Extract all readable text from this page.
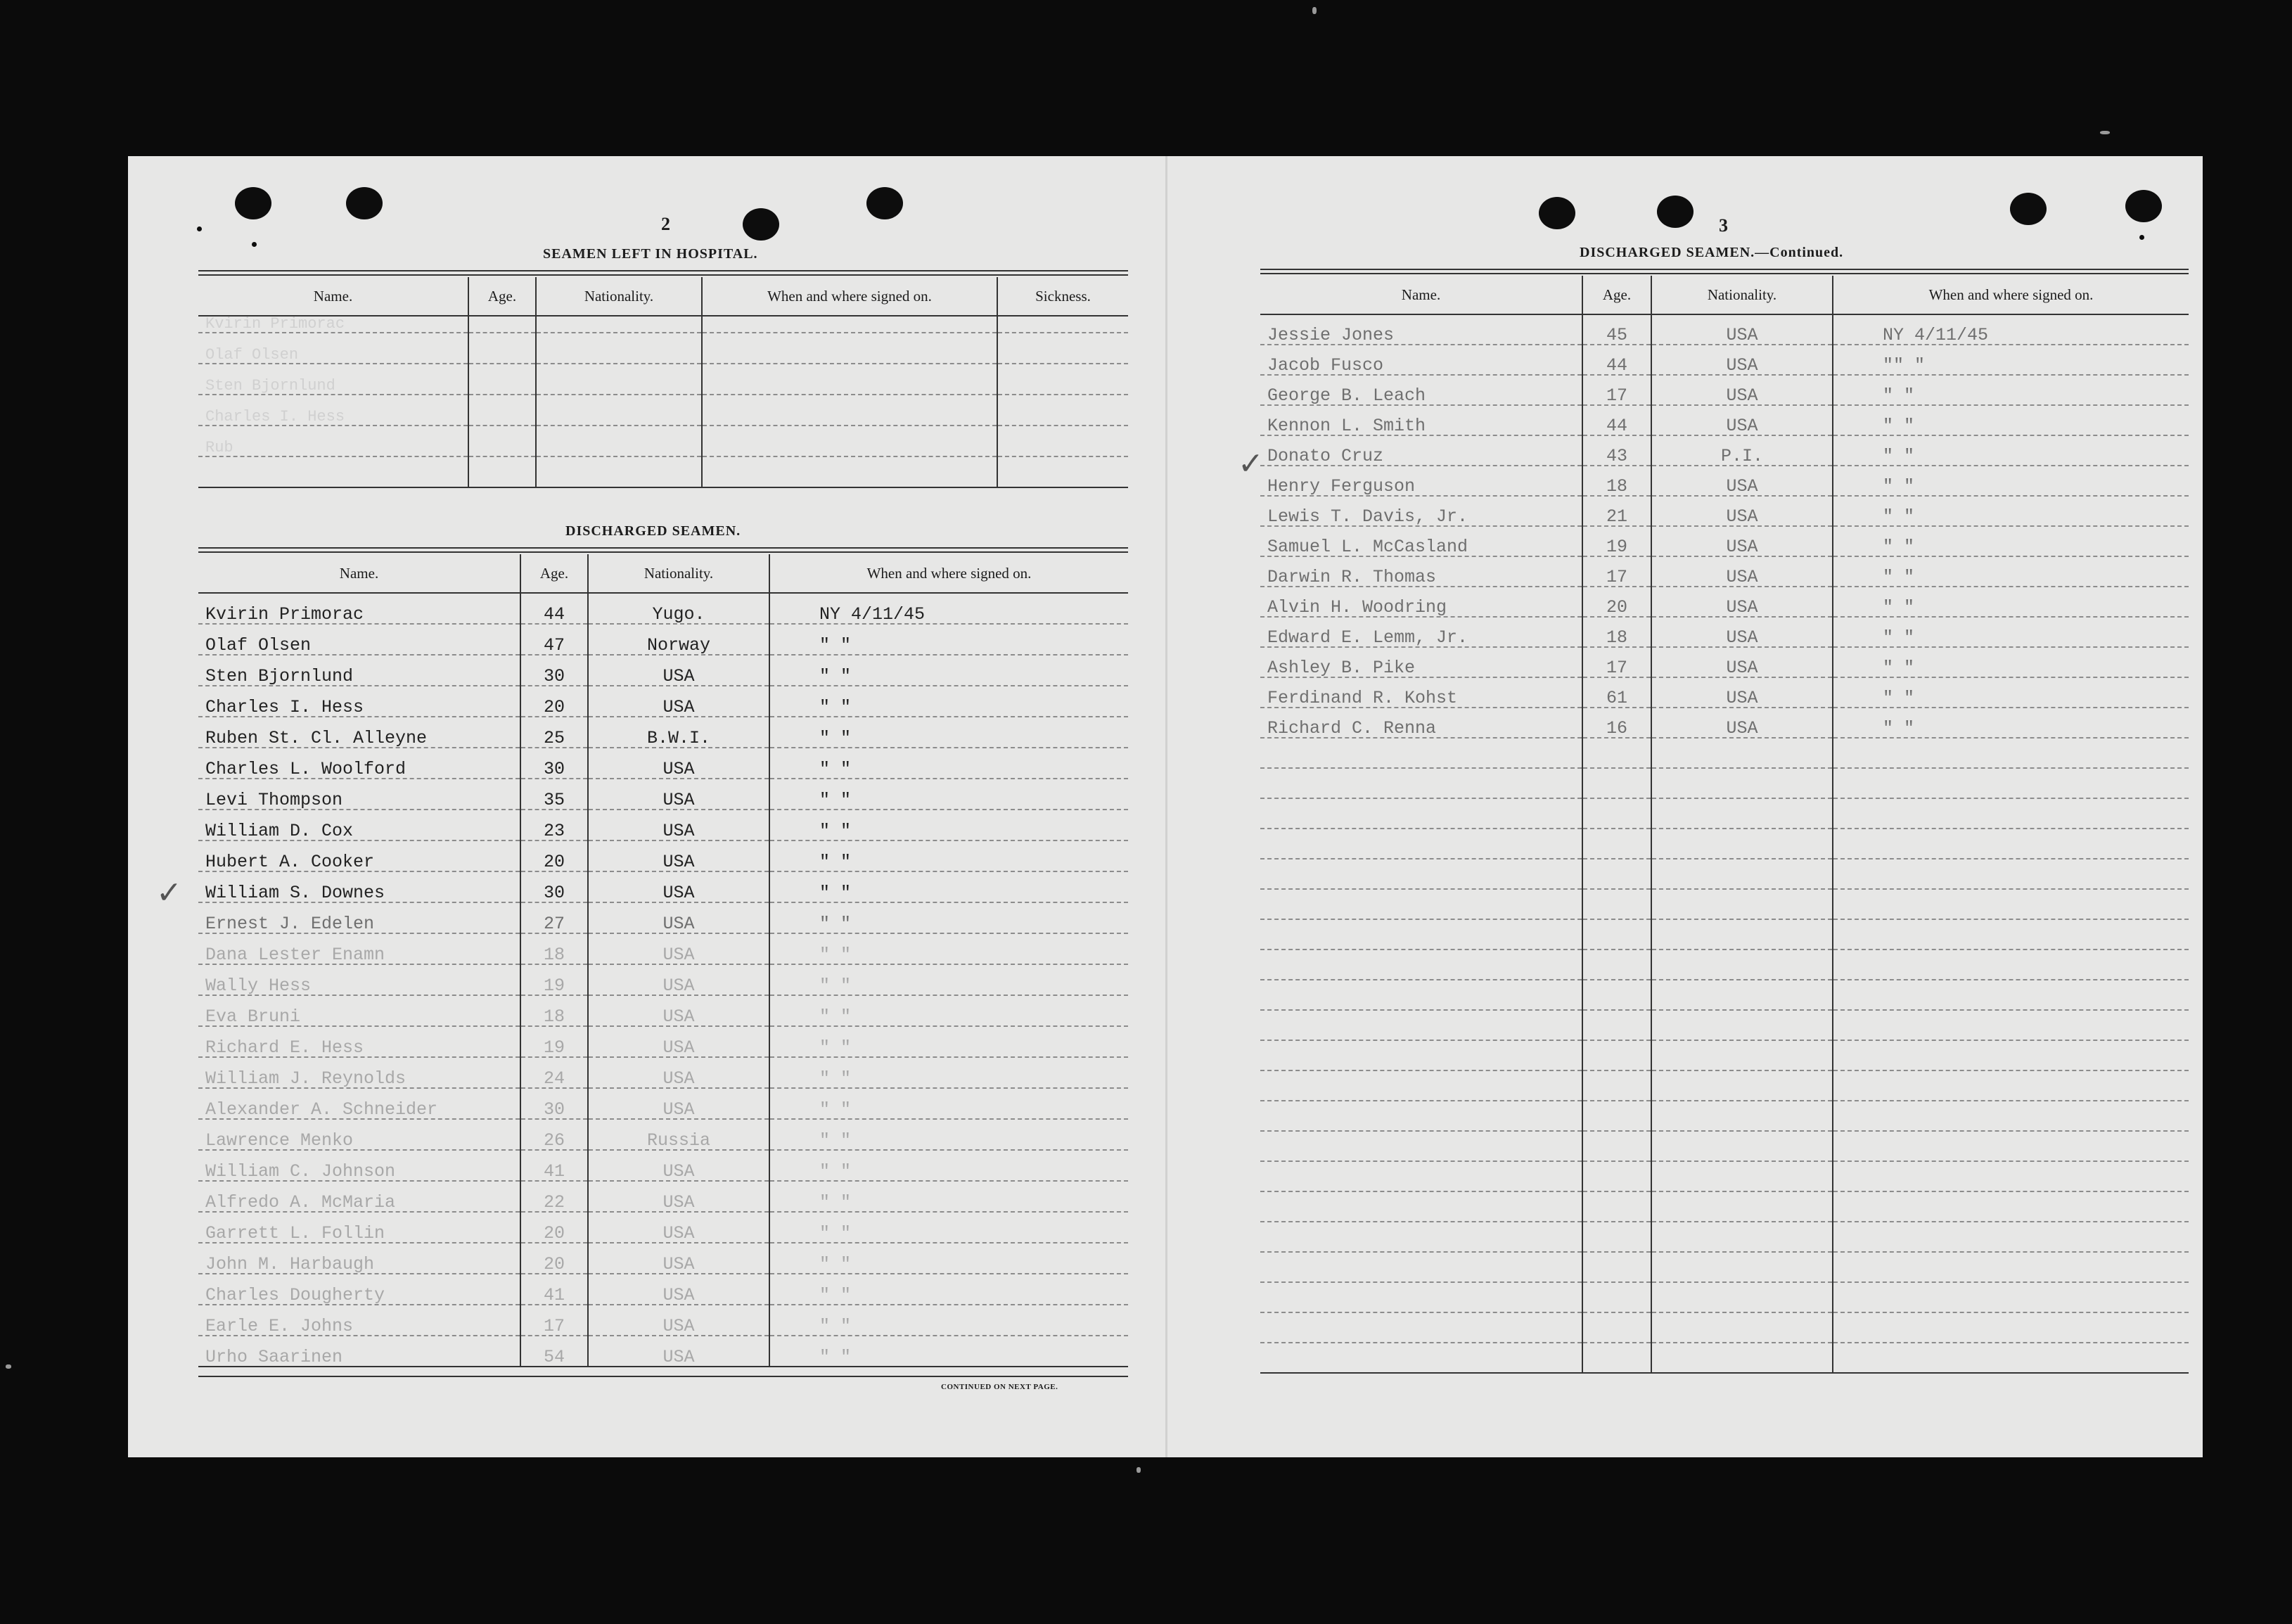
2
SEAMEN LEFT IN HOSPITAL.
Name.	Age.	Nationality.	When and where signed on.	Sickness.
Kvirin Primorac				
Olaf Olsen				
Sten Bjornlund				
Charles I. Hess				
Rub				

DISCHARGED SEAMEN.
Name.	Age.	Nationality.	When and where signed on.
Kvirin Primorac	44	Yugo.	NY 4/11/45
Olaf Olsen	47	Norway	" "
Sten Bjornlund	30	USA	" "
Charles I. Hess	20	USA	" "
Ruben St. Cl. Alleyne	25	B.W.I.	" "
Charles L. Woolford	30	USA	" "
Levi Thompson	35	USA	" "
William D. Cox	23	USA	" "
Hubert A. Cooker	20	USA	" "
William S. Downes	30	USA	" "
Ernest J. Edelen	27	USA	" "
Dana Lester Enamn	18	USA	" "
Wally Hess	19	USA	" "
Eva Bruni	18	USA	" "
Richard E. Hess	19	USA	" "
William J. Reynolds	24	USA	" "
Alexander A. Schneider	30	USA	" "
Lawrence Menko	26	Russia	" "
William C. Johnson	41	USA	" "
Alfredo A. McMaria	22	USA	" "
Garrett L. Follin	20	USA	" "
John M. Harbaugh	20	USA	" "
Charles Dougherty	41	USA	" "
Earle E. Johns	17	USA	" "
Urho Saarinen	54	USA	" "
CONTINUED ON NEXT PAGE.
✓
3
DISCHARGED SEAMEN.—Continued.
Name.	Age.	Nationality.	When and where signed on.
Jessie Jones	45	USA	NY 4/11/45
Jacob Fusco	44	USA	"" "
George B. Leach	17	USA	" "
Kennon L. Smith	44	USA	" "
Donato Cruz	43	P.I.	" "
Henry Ferguson	18	USA	" "
Lewis T. Davis, Jr.	21	USA	" "
Samuel L. McCasland	19	USA	" "
Darwin R. Thomas	17	USA	" "
Alvin H. Woodring	20	USA	" "
Edward E. Lemm, Jr.	18	USA	" "
Ashley B. Pike	17	USA	" "
Ferdinand R. Kohst	61	USA	" "
Richard C. Renna	16	USA	" "

✓
